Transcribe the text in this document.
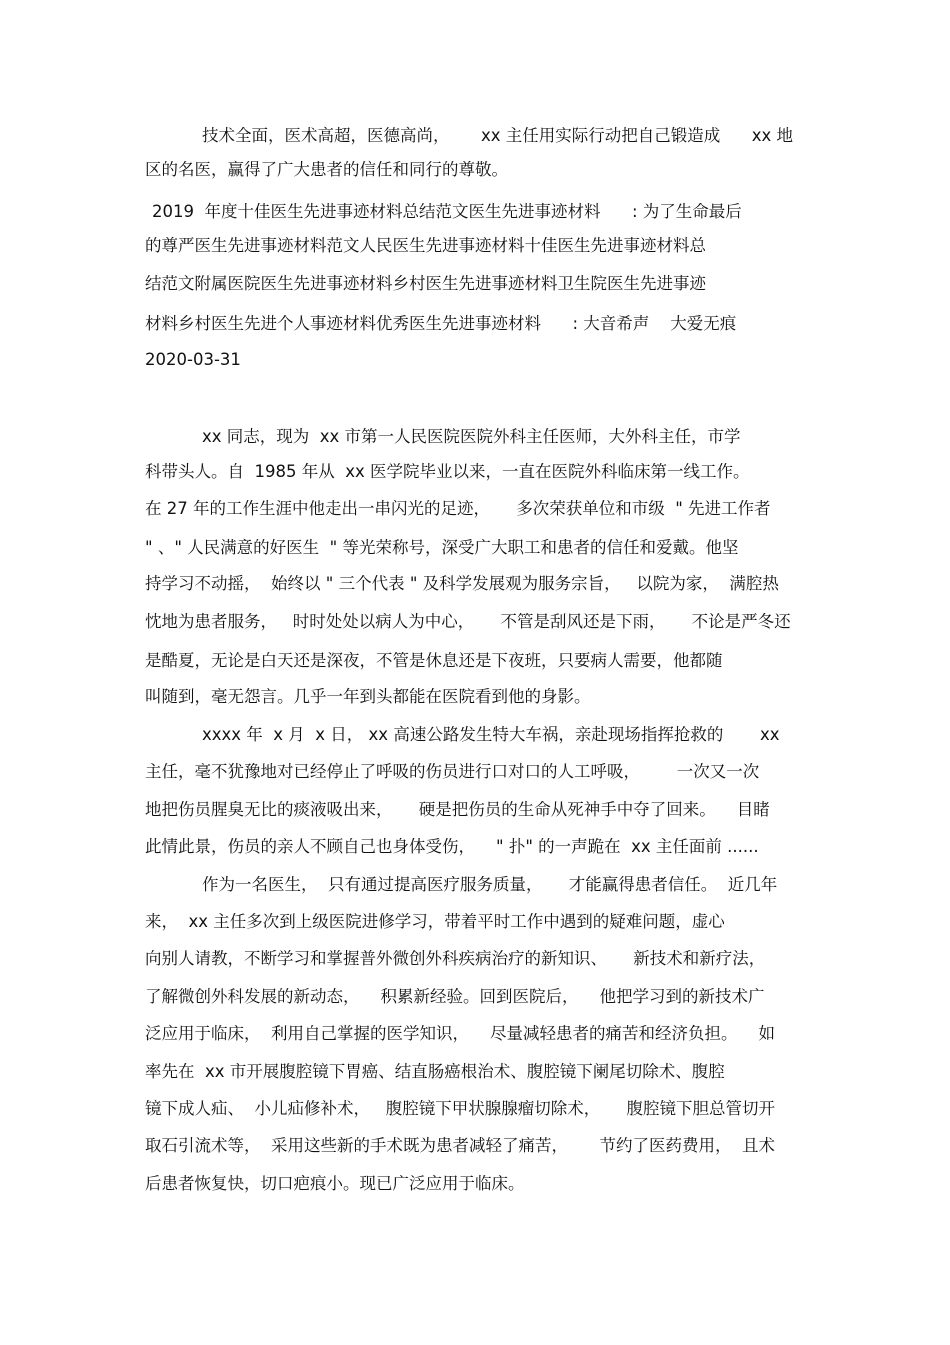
技术全面，医术高超，医德高尚，      xx 主任用实际行动把自己锻造成      xx 地
区的名医，赢得了广大患者的信任和同行的尊敬。
2019  年度十佳医生先进事迹材料总结范文医生先进事迹材料      : 为了生命最后
的尊严医生先进事迹材料范文人民医生先进事迹材料十佳医生先进事迹材料总
结范文附属医院医生先进事迹材料乡村医生先进事迹材料卫生院医生先进事迹
材料乡村医生先进个人事迹材料优秀医生先进事迹材料      : 大音希声    大爱无痕
2020-03-31
xx 同志，现为  xx 市第一人民医院医院外科主任医师，大外科主任，市学
科带头人。自  1985 年从  xx 医学院毕业以来，一直在医院外科临床第一线工作。
在 27 年的工作生涯中他走出一串闪光的足迹，     多次荣获单位和市级  " 先进工作者
" 、" 人民满意的好医生  " 等光荣称号，深受广大职工和患者的信任和爱戴。他坚
持学习不动摇，  始终以 " 三个代表 " 及科学发展观为服务宗旨，   以院为家，  满腔热
忱地为患者服务，   时时处处以病人为中心，     不管是刮风还是下雨，     不论是严冬还
是酷夏，无论是白天还是深夜，不管是休息还是下夜班，只要病人需要，他都随
叫随到，毫无怨言。几乎一年到头都能在医院看到他的身影。
xxxx 年  x 月  x 日， xx 高速公路发生特大车祸，亲赴现场指挥抢救的       xx
主任，毫不犹豫地对已经停止了呼吸的伤员进行口对口的人工呼吸，       一次又一次
地把伤员腥臭无比的痰液吸出来，     硬是把伤员的生命从死神手中夺了回来。    目睹
此情此景，伤员的亲人不顾自己也身体受伤，    " 扑" 的一声跪在  xx 主任面前 ......
作为一名医生，  只有通过提高医疗服务质量，     才能赢得患者信任。  近几年
来，  xx 主任多次到上级医院进修学习，带着平时工作中遇到的疑难问题，虚心
向别人请教，不断学习和掌握普外微创外科疾病治疗的新知识、     新技术和新疗法，
了解微创外科发展的新动态，    积累新经验。回到医院后，    他把学习到的新技术广
泛应用于临床，  利用自己掌握的医学知识，    尽量减轻患者的痛苦和经济负担。    如
率先在  xx 市开展腹腔镜下胃癌、结直肠癌根治术、腹腔镜下阑尾切除术、腹腔
镜下成人疝、  小儿疝修补术，   腹腔镜下甲状腺腺瘤切除术，     腹腔镜下胆总管切开
取石引流术等，  采用这些新的手术既为患者减轻了痛苦，      节约了医药费用，  且术
后患者恢复快，切口疤痕小。现已广泛应用于临床。
